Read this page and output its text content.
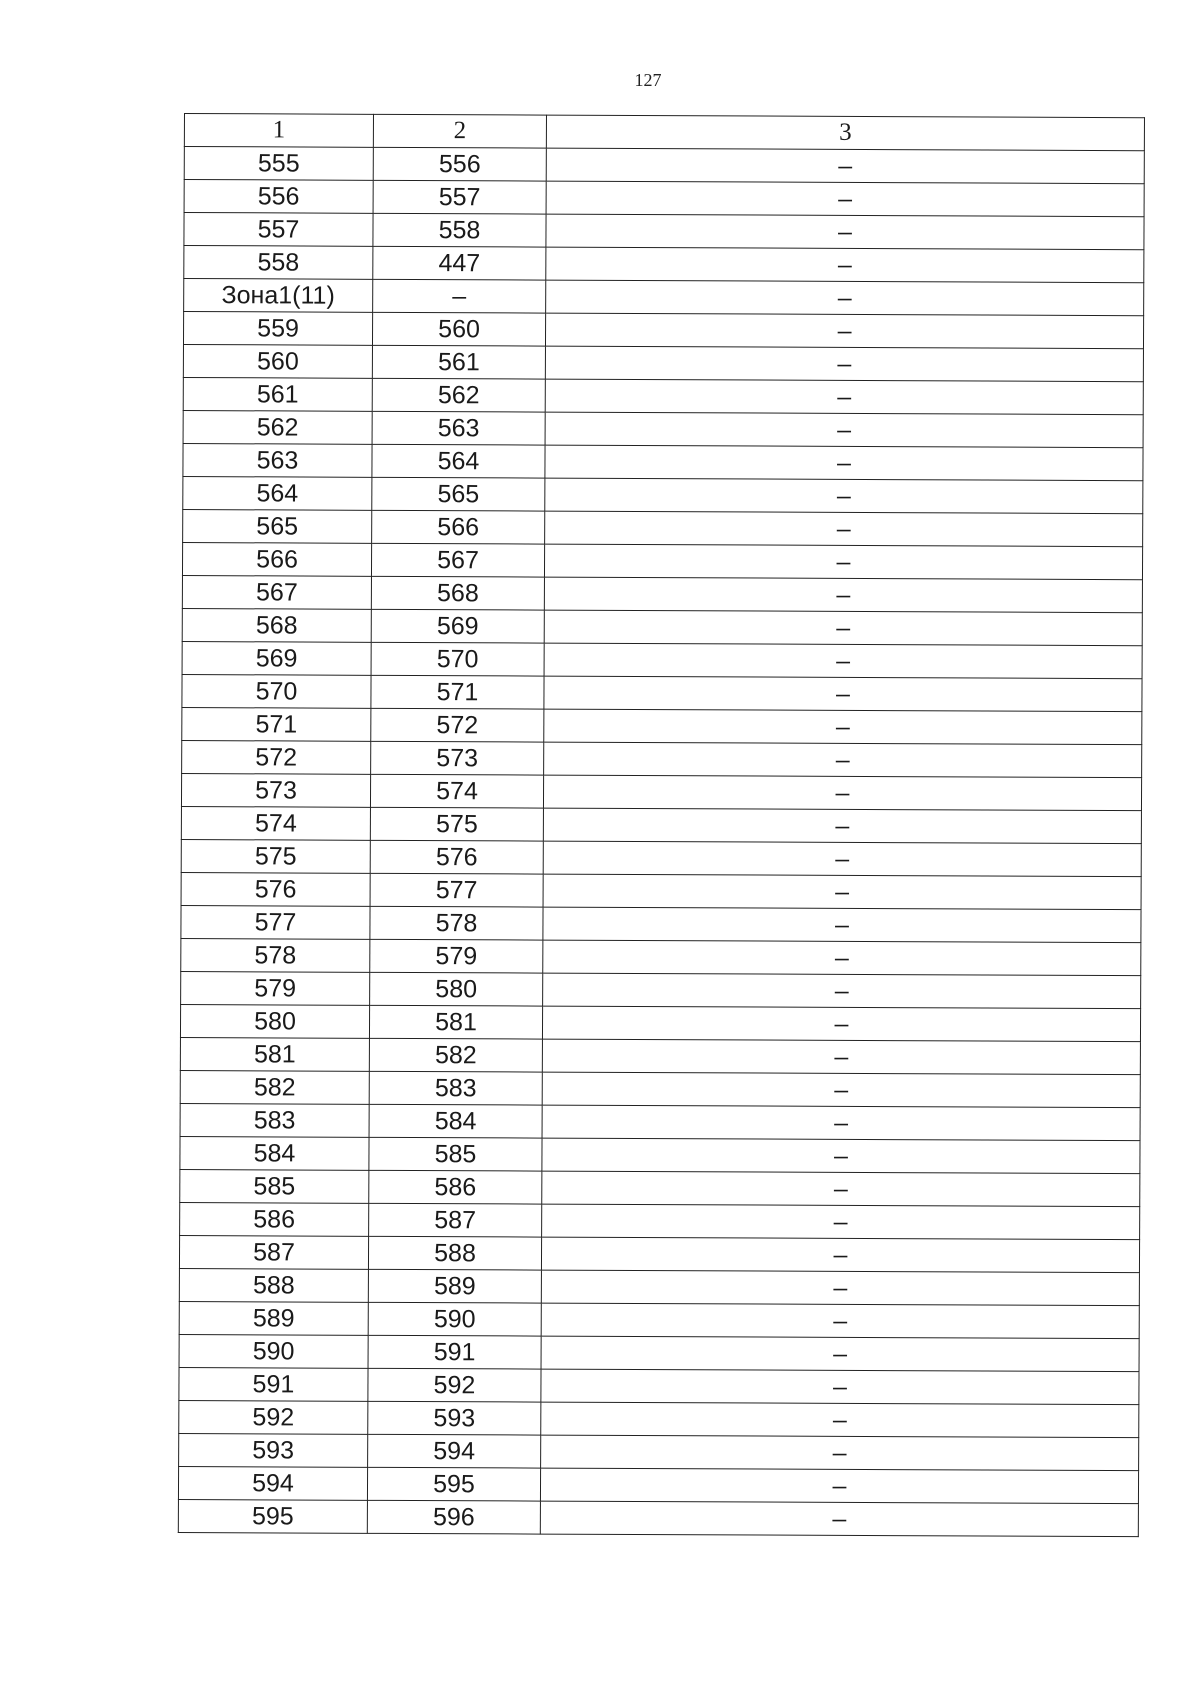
127
1	2	3
555	556	–
556	557	–
557	558	–
558	447	–
Зона1(11)	–	–
559	560	–
560	561	–
561	562	–
562	563	–
563	564	–
564	565	–
565	566	–
566	567	–
567	568	–
568	569	–
569	570	–
570	571	–
571	572	–
572	573	–
573	574	–
574	575	–
575	576	–
576	577	–
577	578	–
578	579	–
579	580	–
580	581	–
581	582	–
582	583	–
583	584	–
584	585	–
585	586	–
586	587	–
587	588	–
588	589	–
589	590	–
590	591	–
591	592	–
592	593	–
593	594	–
594	595	–
595	596	–
